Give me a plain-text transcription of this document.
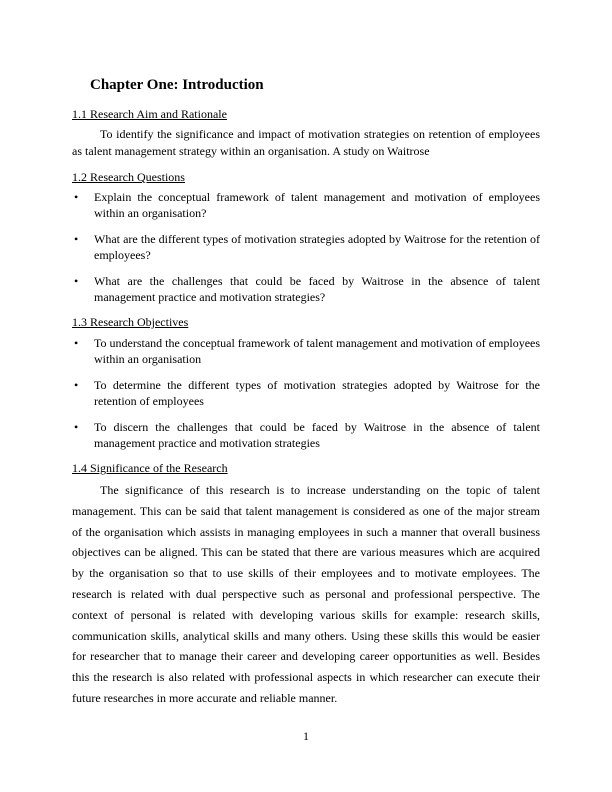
Chapter One: Introduction

1.1 Research Aim and Rationale

To identify the significance and impact of motivation strategies on retention of employees as talent management strategy within an organisation. A study on Waitrose

1.2 Research Questions

• Explain the conceptual framework of talent management and motivation of employees within an organisation?
• What are the different types of motivation strategies adopted by Waitrose for the retention of employees?
• What are the challenges that could be faced by Waitrose in the absence of talent management practice and motivation strategies?

1.3 Research Objectives

• To understand the conceptual framework of talent management and motivation of employees within an organisation
• To determine the different types of motivation strategies adopted by Waitrose for the retention of employees
• To discern the challenges that could be faced by Waitrose in the absence of talent management practice and motivation strategies

1.4 Significance of the Research

The significance of this research is to increase understanding on the topic of talent management. This can be said that talent management is considered as one of the major stream of the organisation which assists in managing employees in such a manner that overall business objectives can be aligned. This can be stated that there are various measures which are acquired by the organisation so that to use skills of their employees and to motivate employees. The research is related with dual perspective such as personal and professional perspective. The context of personal is related with developing various skills for example: research skills, communication skills, analytical skills and many others. Using these skills this would be easier for researcher that to manage their career and developing career opportunities as well. Besides this the research is also related with professional aspects in which researcher can execute their future researches in more accurate and reliable manner.

1
